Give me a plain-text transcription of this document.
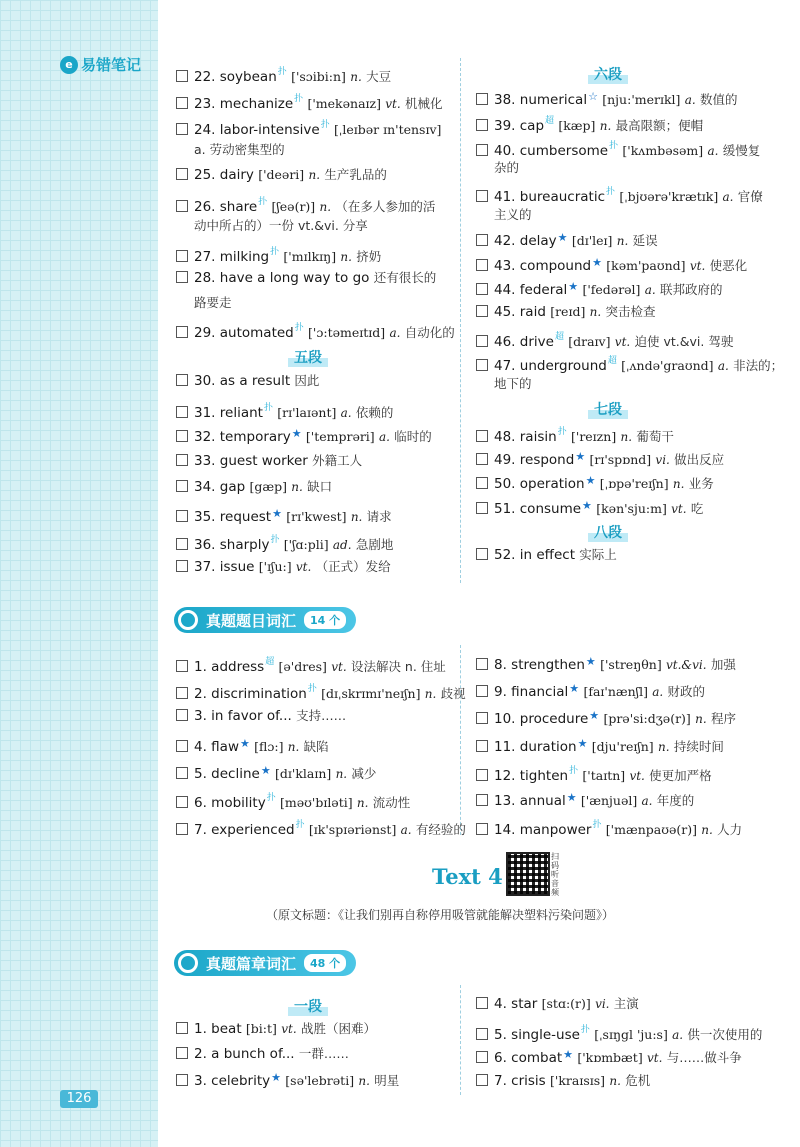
e 易错笔记
126
22. soybean$^扑$ ['sɔibi:n] n. 大豆
23. mechanize$^扑$ ['mekənaɪz] vt. 机械化
24. labor-intensive$^扑$ [ˌleɪbər ɪn'tensɪv]
a. 劳动密集型的
25. dairy ['deəri] n. 生产乳品的
26. share$^扑$ [ʃeə(r)] n. （在多人参加的活
动中所占的）一份 vt.&vi. 分享
27. milking$^扑$ ['mɪlkɪŋ] n. 挤奶
28. have a long way to go 还有很长的
路要走
29. automated$^扑$ ['ɔ:təmeɪtɪd] a. 自动化的
五段
30. as a result 因此
31. reliant$^扑$ [rɪ'laɪənt] a. 依赖的
32. temporary★ ['temprəri] a. 临时的
33. guest worker 外籍工人
34. gap [gæp] n. 缺口
35. request★ [rɪ'kwest] n. 请求
36. sharply$^扑$ ['ʃɑ:pli] ad. 急剧地
37. issue ['ɪʃu:] vt. （正式）发给
六段
38. numerical☆ [nju:'merɪkl] a. 数值的
39. cap$^超$ [kæp] n. 最高限额；便帽
40. cumbersome$^扑$ ['kʌmbəsəm] a. 缓慢复
杂的
41. bureaucratic$^扑$ [ˌbjʊərə'krætɪk] a. 官僚
主义的
42. delay★ [dɪ'leɪ] n. 延误
43. compound★ [kəm'paʊnd] vt. 使恶化
44. federal★ ['fedərəl] a. 联邦政府的
45. raid [reɪd] n. 突击检查
46. drive$^超$ [draɪv] vt. 迫使 vt.&vi. 驾驶
47. underground$^超$ [ˌʌndə'graʊnd] a. 非法的；
地下的
七段
48. raisin$^扑$ ['reɪzn] n. 葡萄干
49. respond★ [rɪ'spɒnd] vi. 做出反应
50. operation★ [ˌɒpə'reɪʃn] n. 业务
51. consume★ [kən'sju:m] vt. 吃
八段
52. in effect 实际上
真题题目词汇	14 个
1. address$^超$ [ə'dres] vt. 设法解决 n. 住址
2. discrimination$^扑$ [dɪˌskrɪmɪ'neɪʃn] n. 歧视
3. in favor of... 支持……
4. flaw★ [flɔ:] n. 缺陷
5. decline★ [dɪ'klaɪn] n. 减少
6. mobility$^扑$ [məʊ'bɪləti] n. 流动性
7. experienced$^扑$ [ɪk'spɪəriənst] a. 有经验的
8. strengthen★ ['streŋθn] vt.&vi. 加强
9. financial★ [faɪ'nænʃl] a. 财政的
10. procedure★ [prə'si:dʒə(r)] n. 程序
11. duration★ [dju'reɪʃn] n. 持续时间
12. tighten$^扑$ ['taɪtn] vt. 使更加严格
13. annual★ ['ænjuəl] a. 年度的
14. manpower$^扑$ ['mænpaʊə(r)] n. 人力
Text 4
扫码听音频
（原文标题：《让我们别再自称停用吸管就能解决塑料污染问题》）
真题篇章词汇	48 个
一段
1. beat [bi:t] vt. 战胜（困难）
2. a bunch of... 一群……
3. celebrity★ [sə'lebrəti] n. 明星
4. star [stɑ:(r)] vi. 主演
5. single-use$^扑$ [ˌsɪŋgl 'ju:s] a. 供一次使用的
6. combat★ ['kɒmbæt] vt. 与……做斗争
7. crisis ['kraɪsɪs] n. 危机
